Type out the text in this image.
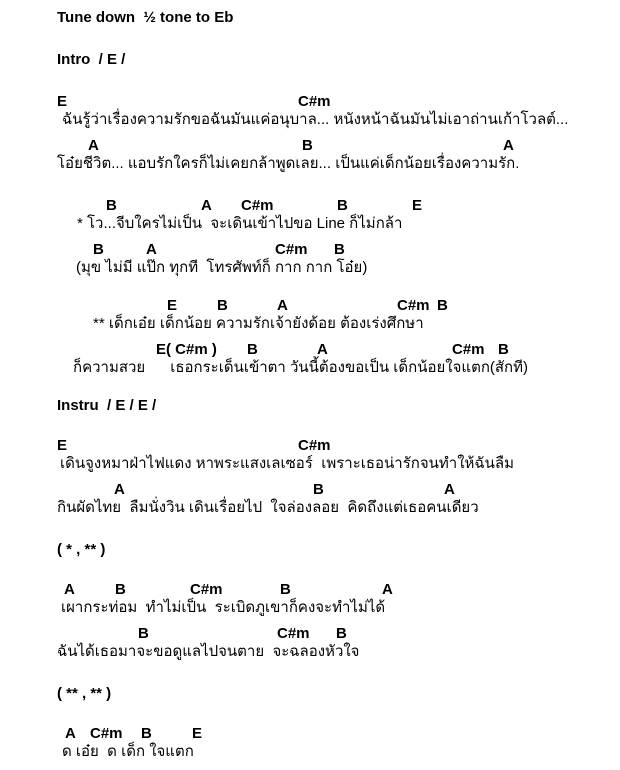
Tune down  ½ tone to Eb
Intro  / E /
E	C#m
ฉันรู้ว่าเรื่องความรักขอฉันมันแค่อนุบาล... หนังหน้าฉันมันไม่เอาถ่านเก้าโวลต์...
A	B	A
โอ๋ยชีวิต... แอบรักใครก็ไม่เคยกล้าพูดเลย... เป็นแค่เด็กน้อยเรื่องความรัก.
B	A C#m	B	E
* โว...จีบใครไม่เป็น  จะเดินเข้าไปขอ Line ก็ไม่กล้า
B	A	C#m B
(มุข ไม่มี แป๊ก ทุกที  โทรศัพท์ก็ กาก กาก โอ๋ย)
E	B	A	C#m B
** เด็กเอ๋ย เด็กน้อย ความรักเจ้ายังด้อย ต้องเร่งศึกษา
E( C#m ) B	A	C#m B
ก็ความสวย      เธอกระเด็นเข้าตา วันนี้ต้องขอเป็น เด็กน้อยใจแตก(สักที)
Instru  / E / E /
E	C#m
เดินจูงหมาฝ่าไฟแดง หาพระแสงเลเซอร์  เพราะเธอน่ารักจนทำให้ฉันลืม
A	B	A
กินผัดไทย  ลืมนั่งวิน เดินเรื่อยไป  ใจล่องลอย  คิดถึงแต่เธอคนเดียว
( * , ** )
A	B	C#m	B	A
เผากระท่อม  ทำไม่เป็น  ระเบิดภูเขาก็คงจะทำไม่ได้
B	C#m B
ฉันได้เธอมาจะขอดูแลไปจนตาย  จะฉลองหัวใจ
( ** , ** )
A C#m B	E
ด เอ๋ย  ด เด็ก ใจแตก
